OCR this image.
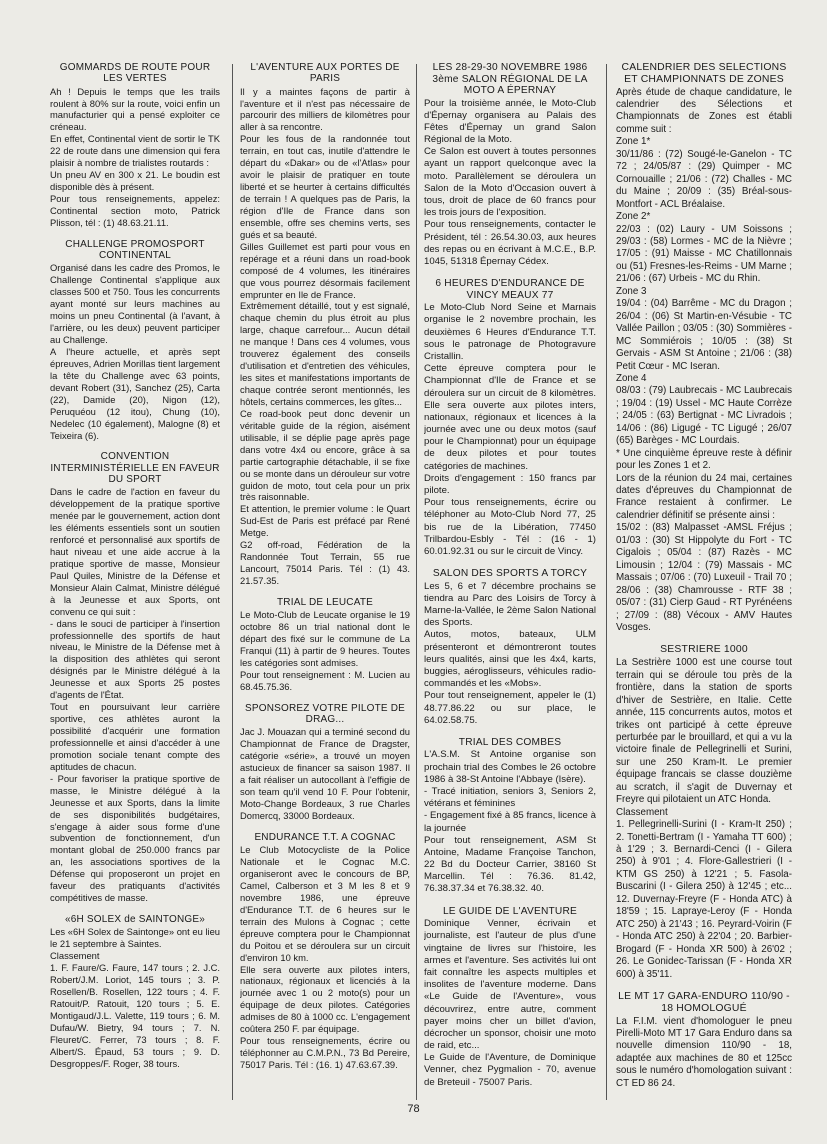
GOMMARDS DE ROUTE POUR LES VERTES

Ah ! Depuis le temps que les trails roulent à 80% sur la route, voici enfin un manufacturier qui a pensé exploiter ce créneau.
En effet, Continental vient de sortir le TK 22 de route dans une dimension qui fera plaisir à nombre de trialistes routards :
Un pneu AV en 300 x 21. Le boudin est disponible dès à présent.
Pour tous renseignements, appelez: Continental section moto, Patrick Plisson, tél : (1) 48.63.21.11.

CHALLENGE PROMOSPORT CONTINENTAL

Organisé dans les cadre des Promos, le Challenge Continental s'applique aux classes 500 et 750. Tous les concurrents ayant monté sur leurs machines au moins un pneu Continental (à l'avant, à l'arrière, ou les deux) peuvent participer au Challenge.
A l'heure actuelle, et après sept épreuves, Adrien Morillas tient largement la tête du Challenge avec 63 points, devant Robert (31), Sanchez (25), Carta (22), Damide (20), Nigon (12), Peruquéou (12 itou), Chung (10), Nedelec (10 également), Malogne (8) et Teixeira (6).

CONVENTION INTERMINISTÉRIELLE EN FAVEUR DU SPORT

Dans le cadre de l'action en faveur du développement de la pratique sportive menée par le gouvernement, action dont les éléments essentiels sont un soutien renforcé et personnalisé aux sportifs de haut niveau et une aide accrue à la pratique sportive de masse, Monsieur Paul Quiles, Ministre de la Défense et Monsieur Alain Calmat, Ministre délégué à la Jeunesse et aux Sports, ont convenu ce qui suit :
- dans le souci de participer à l'insertion professionnelle des sportifs de haut niveau, le Ministre de la Défense met à la disposition des athlètes qui seront désignés par le Ministre délégué à la Jeunesse et aux Sports 25 postes d'agents de l'État.
Tout en poursuivant leur carrière sportive, ces athlètes auront la possibilité d'acquérir une formation professionnelle et ainsi d'accéder à une promotion sociale tenant compte des aptitudes de chacun.
- Pour favoriser la pratique sportive de masse, le Ministre délégué à la Jeunesse et aux Sports, dans la limite de ses disponibilités budgétaires, s'engage à aider sous forme d'une subvention de fonctionnement, d'un montant global de 250.000 francs par an, les associations sportives de la Défense qui proposeront un projet en faveur des pratiquants d'activités compétitives de masse.

«6H SOLEX de SAINTONGE»

Les «6H Solex de Saintonge» ont eu lieu le 21 septembre à Saintes.
Classement
1. F. Faure/G. Faure, 147 tours ; 2. J.C. Robert/J.M. Loriot, 145 tours ; 3. P. Rosellen/B. Rosellen, 122 tours ; 4. F. Ratouit/P. Ratouit, 120 tours ; 5. E. Montigaud/J.L. Valette, 119 tours ; 6. M. Dufau/W. Bietry, 94 tours ; 7. N. Fleuret/C. Ferrer, 73 tours ; 8. F. Albert/S. Épaud, 53 tours ; 9. D. Desgroppes/F. Roger, 38 tours.

L'AVENTURE AUX PORTES DE PARIS

Il y a maintes façons de partir à l'aventure et il n'est pas nécessaire de parcourir des milliers de kilomètres pour aller à sa rencontre.
Pour les fous de la randonnée tout terrain, en tout cas, inutile d'attendre le départ du «Dakar» ou de «l'Atlas» pour avoir le plaisir de pratiquer en toute liberté et se heurter à certains difficultés de terrain ! A quelques pas de Paris, la région d'Ile de France dans son ensemble, offre ses chemins verts, ses gués et sa beauté.
Gilles Guillemet est parti pour vous en repérage et a réuni dans un road-book composé de 4 volumes, les itinéraires que vous pourrez désormais facilement emprunter en Ile de France.
Extrêmement détaillé, tout y est signalé, chaque chemin du plus étroit au plus large, chaque carrefour... Aucun détail ne manque ! Dans ces 4 volumes, vous trouverez également des conseils d'utilisation et d'entretien des véhicules, les sites et manifestations importants de chaque contrée seront mentionnés, les hôtels, certains commerces, les gîtes...
Ce road-book peut donc devenir un véritable guide de la région, aisément utilisable, il se déplie page après page dans votre 4x4 ou encore, grâce à sa partie cartographie détachable, il se fixe ou se monte dans un dérouleur sur votre guidon de moto, tout cela pour un prix très raisonnable.
Et attention, le premier volume : le Quart Sud-Est de Paris est préfacé par René Metge.
G2 off-road, Fédération de la Randonnée Tout Terrain, 55 rue Lancourt, 75014 Paris. Tél : (1) 43. 21.57.35.

TRIAL DE LEUCATE

Le Moto-Club de Leucate organise le 19 octobre 86 un trial national dont le départ des fixé sur le commune de La Franqui (11) à partir de 9 heures. Toutes les catégories sont admises.
Pour tout renseignement : M. Lucien au 68.45.75.36.

SPONSOREZ VOTRE PILOTE DE DRAG...

Jac J. Mouazan qui a terminé second du Championnat de France de Dragster, catégorie «série», a trouvé un moyen astucieux de financer sa saison 1987. Il a fait réaliser un autocollant à l'effigie de son team qu'il vend 10 F. Pour l'obtenir, Moto-Change Bordeaux, 3 rue Charles Domercq, 33000 Bordeaux.

ENDURANCE T.T. A COGNAC

Le Club Motocycliste de la Police Nationale et le Cognac M.C. organiseront avec le concours de BP, Camel, Calberson et 3 M les 8 et 9 novembre 1986, une épreuve d'Endurance T.T. de 6 heures sur le terrain des Mulons à Cognac ; cette épreuve comptera pour le Championnat du Poitou et se déroulera sur un circuit d'environ 10 km.
Elle sera ouverte aux pilotes inters, nationaux, régionaux et licenciés à la journée avec 1 ou 2 moto(s) pour un équipage de deux pilotes. Catégories admises de 80 à 1000 cc. L'engagement coûtera 250 F. par équipage.
Pour tous renseignements, écrire ou téléphonner au C.M.P.N., 73 Bd Pereire, 75017 Paris. Tél : (16. 1) 47.63.67.39.

LES 28-29-30 NOVEMBRE 1986 3ème SALON RÉGIONAL DE LA MOTO A ÉPERNAY

Pour la troisième année, le Moto-Club d'Épernay organisera au Palais des Fêtes d'Épernay un grand Salon Régional de la Moto.
Ce Salon est ouvert à toutes personnes ayant un rapport quelconque avec la moto. Parallèlement se déroulera un Salon de la Moto d'Occasion ouvert à tous, droit de place de 60 francs pour les trois jours de l'exposition.
Pour tous renseignements, contacter le Président, tél : 26.54.30.03, aux heures des repas ou en écrivant à M.C.E., B.P. 1045, 51318 Épernay Cédex.

6 HEURES D'ENDURANCE DE VINCY MEAUX 77

Le Moto-Club Nord Seine et Marnais organise le 2 novembre prochain, les deuxièmes 6 Heures d'Endurance T.T. sous le patronage de Photogravure Cristallin.
Cette épreuve comptera pour le Championnat d'Ile de France et se déroulera sur un circuit de 8 kilomètres. Elle sera ouverte aux pilotes inters, nationaux, régionaux et licences à la journée avec une ou deux motos (sauf pour le Championnat) pour un équipage de deux pilotes et pour toutes catégories de machines.
Droits d'engagement : 150 francs par pilote.
Pour tous renseignements, écrire ou téléphoner au Moto-Club Nord 77, 25 bis rue de la Libération, 77450 Trilbardou-Esbly - Tél : (16 - 1) 60.01.92.31 ou sur le circuit de Vincy.

SALON DES SPORTS A TORCY

Les 5, 6 et 7 décembre prochains se tiendra au Parc des Loisirs de Torcy à Marne-la-Vallée, le 2ème Salon National des Sports.
Autos, motos, bateaux, ULM présenteront et démontreront toutes leurs qualités, ainsi que les 4x4, karts, buggies, aéroglisseurs, véhicules radio-commandés et les «Mobs».
Pour tout renseignement, appeler le (1) 48.77.86.22 ou sur place, le 64.02.58.75.

TRIAL DES COMBES

L'A.S.M. St Antoine organise son prochain trial des Combes le 26 octobre 1986 à 38-St Antoine l'Abbaye (Isère).
- Tracé initiation, seniors 3, Seniors 2, vétérans et féminines
- Engagement fixé à 85 francs, licence à la journée
Pour tout renseignement, ASM St Antoine, Madame Françoise Tanchon, 22 Bd du Docteur Carrier, 38160 St Marcellin. Tél : 76.36. 81.42, 76.38.37.34 et 76.38.32. 40.

LE GUIDE DE L'AVENTURE

Dominique Venner, écrivain et journaliste, est l'auteur de plus d'une vingtaine de livres sur l'histoire, les armes et l'aventure. Ses activités lui ont fait connaître les aspects multiples et insolites de l'aventure moderne. Dans «Le Guide de l'Aventure», vous découvrirez, entre autre, comment payer moins cher un billet d'avion, décrocher un sponsor, choisir une moto de raid, etc...
Le Guide de l'Aventure, de Dominique Venner, chez Pygmalion - 70, avenue de Breteuil - 75007 Paris.

CALENDRIER DES SÉLECTIONS ET CHAMPIONNATS DE ZONES

Après étude de chaque candidature, le calendrier des Sélections et Championnats de Zones est établi comme suit :
Zone 1*
30/11/86 : (72) Sougé-le-Ganelon - TC 72 ; 24/05/87 : (29) Quimper - MC Cornouaille ; 21/06 : (72) Challes - MC du Maine ; 20/09 : (35) Bréal-sous-Montfort - ACL Bréalaise.
Zone 2*
22/03 : (02) Laury - UM Soissons ; 29/03 : (58) Lormes - MC de la Nièvre ; 17/05 : (91) Maisse - MC Chatillonnais ou (51) Fresnes-les-Reims - UM Marne ; 21/06 : (67) Urbeis - MC du Rhin.
Zone 3
19/04 : (04) Barrême - MC du Dragon ; 26/04 : (06) St Martin-en-Vésubie - TC Vallée Paillon ; 03/05 : (30) Sommières - MC Sommiérois ; 10/05 : (38) St Gervais - ASM St Antoine ; 21/06 : (38) Petit Cœur - MC Iseran.
Zone 4
08/03 : (79) Laubrecais - MC Laubrecais ; 19/04 : (19) Ussel - MC Haute Corrèze ; 24/05 : (63) Bertignat - MC Livradois ; 14/06 : (86) Ligugé - TC Ligugé ; 26/07 (65) Barèges - MC Lourdais.
* Une cinquième épreuve reste à définir pour les Zones 1 et 2.
Lors de la réunion du 24 mai, certaines dates d'épreuves du Championnat de France restaient à confirmer. Le calendrier définitif se présente ainsi :
15/02 : (83) Malpasset -AMSL Fréjus ; 01/03 : (30) St Hippolyte du Fort - TC Cigalois ; 05/04 : (87) Razès - MC Limousin ; 12/04 : (79) Massais - MC Massais ; 07/06 : (70) Luxeuil - Trail 70 ; 28/06 : (38) Chamrousse - RTF 38 ; 05/07 : (31) Cierp Gaud - RT Pyrénéens ; 27/09 : (88) Vécoux - AMV Hautes Vosges.

SESTRIERE 1000

La Sestrière 1000 est une course tout terrain qui se déroule tou près de la frontière, dans la station de sports d'hiver de Sestrière, en Italie. Cette année, 115 concurrents autos, motos et trikes ont participé à cette épreuve perturbée par le brouillard, et qui a vu la victoire finale de Pellegrinelli et Surini, sur une 250 Kram-It. Le premier équipage francais se classe douzième au scratch, il s'agit de Duvernay et Freyre qui pilotaient un ATC Honda.
Classement
1. Pellegrinelli-Surini (I - Kram-It 250) ; 2. Tonetti-Bertram (I - Yamaha TT 600) ; à 1'29 ; 3. Bernardi-Cenci (I - Gilera 250) à 9'01 ; 4. Flore-Gallestrieri (I - KTM GS 250) à 12'21 ; 5. Fasola-Buscarini (I - Gilera 250) à 12'45 ; etc... 12. Duvernay-Freyre (F - Honda ATC) à 18'59 ; 15. Lapraye-Leroy (F - Honda ATC 250) à 21'43 ; 16. Peyrard-Voirin (F - Honda ATC 250) à 22'04 ; 20. Barbier-Brogard (F - Honda XR 500) à 26'02 ; 26. Le Gonidec-Tarissan (F - Honda XR 600) à 35'11.

LE MT 17 GARA-ENDURO 110/90 - 18 HOMOLOGUÉ

La F.I.M. vient d'homologuer le pneu Pirelli-Moto MT 17 Gara Enduro dans sa nouvelle dimension 110/90 - 18, adaptée aux machines de 80 et 125cc sous le numéro d'homologation suivant : CT ED 86 24.

78
